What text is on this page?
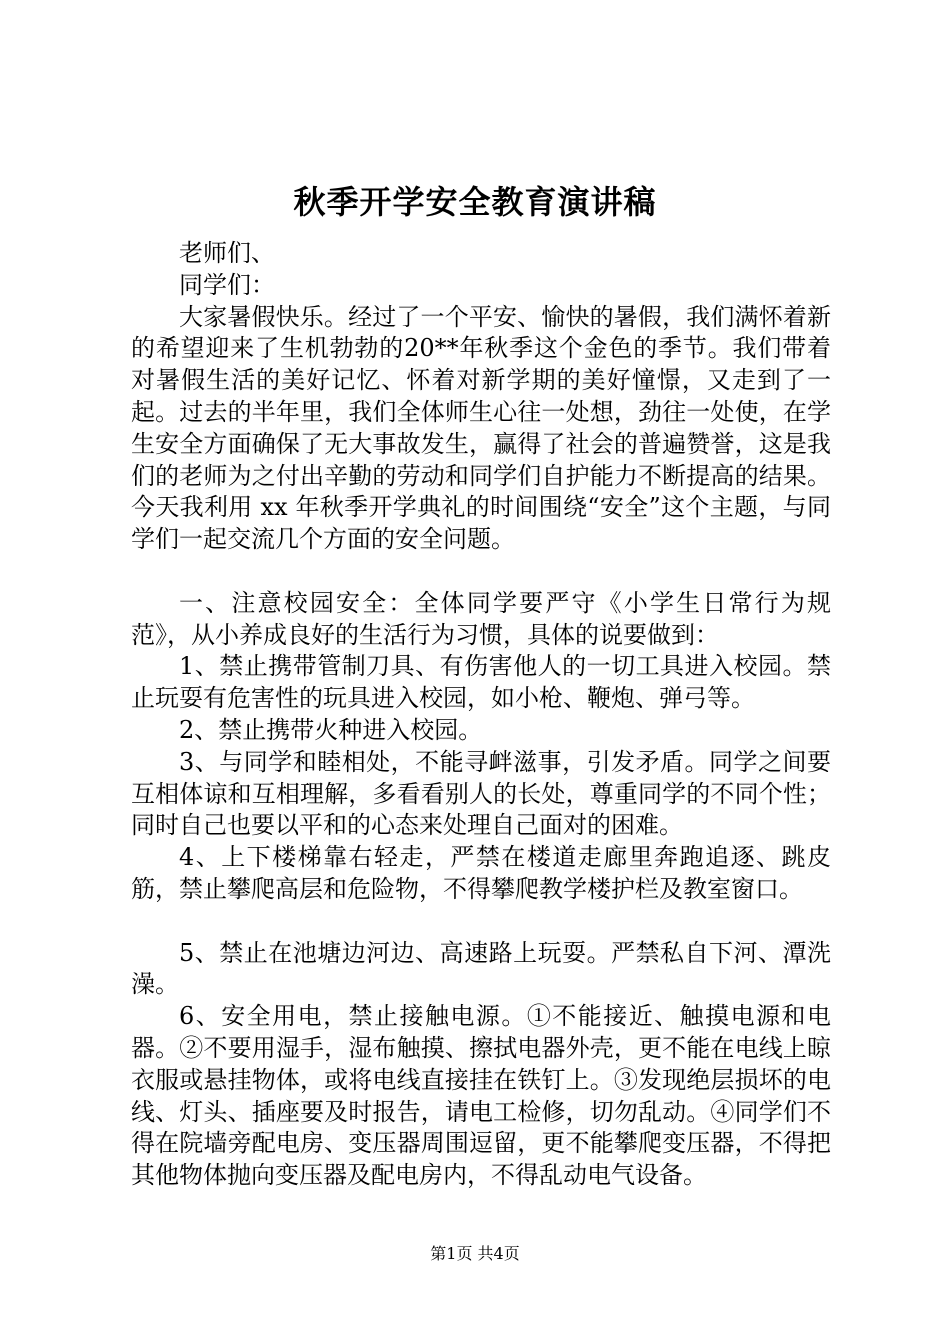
秋季开学安全教育演讲稿

老师们、

同学们：

大家暑假快乐。经过了一个平安、愉快的暑假，我们满怀着新的希望迎来了生机勃勃的20**年秋季这个金色的季节。我们带着对暑假生活的美好记忆、怀着对新学期的美好憧憬，又走到了一起。过去的半年里，我们全体师生心往一处想，劲往一处使，在学生安全方面确保了无大事故发生，赢得了社会的普遍赞誉，这是我们的老师为之付出辛勤的劳动和同学们自护能力不断提高的结果。今天我利用 xx 年秋季开学典礼的时间围绕“安全”这个主题，与同学们一起交流几个方面的安全问题。

一、注意校园安全：全体同学要严守《小学生日常行为规范》，从小养成良好的生活行为习惯，具体的说要做到：

1、禁止携带管制刀具、有伤害他人的一切工具进入校园。禁止玩耍有危害性的玩具进入校园，如小枪、鞭炮、弹弓等。

2、禁止携带火种进入校园。

3、与同学和睦相处，不能寻衅滋事，引发矛盾。同学之间要互相体谅和互相理解，多看看别人的长处，尊重同学的不同个性；同时自己也要以平和的心态来处理自己面对的困难。

4、上下楼梯靠右轻走，严禁在楼道走廊里奔跑追逐、跳皮筋，禁止攀爬高层和危险物，不得攀爬教学楼护栏及教室窗口。

5、禁止在池塘边河边、高速路上玩耍。严禁私自下河、潭洗澡。

6、安全用电，禁止接触电源。①不能接近、触摸电源和电器。②不要用湿手，湿布触摸、擦拭电器外壳，更不能在电线上晾衣服或悬挂物体，或将电线直接挂在铁钉上。③发现绝层损坏的电线、灯头、插座要及时报告，请电工检修，切勿乱动。④同学们不得在院墙旁配电房、变压器周围逗留，更不能攀爬变压器，不得把其他物体抛向变压器及配电房内，不得乱动电气设备。

第1页 共4页
